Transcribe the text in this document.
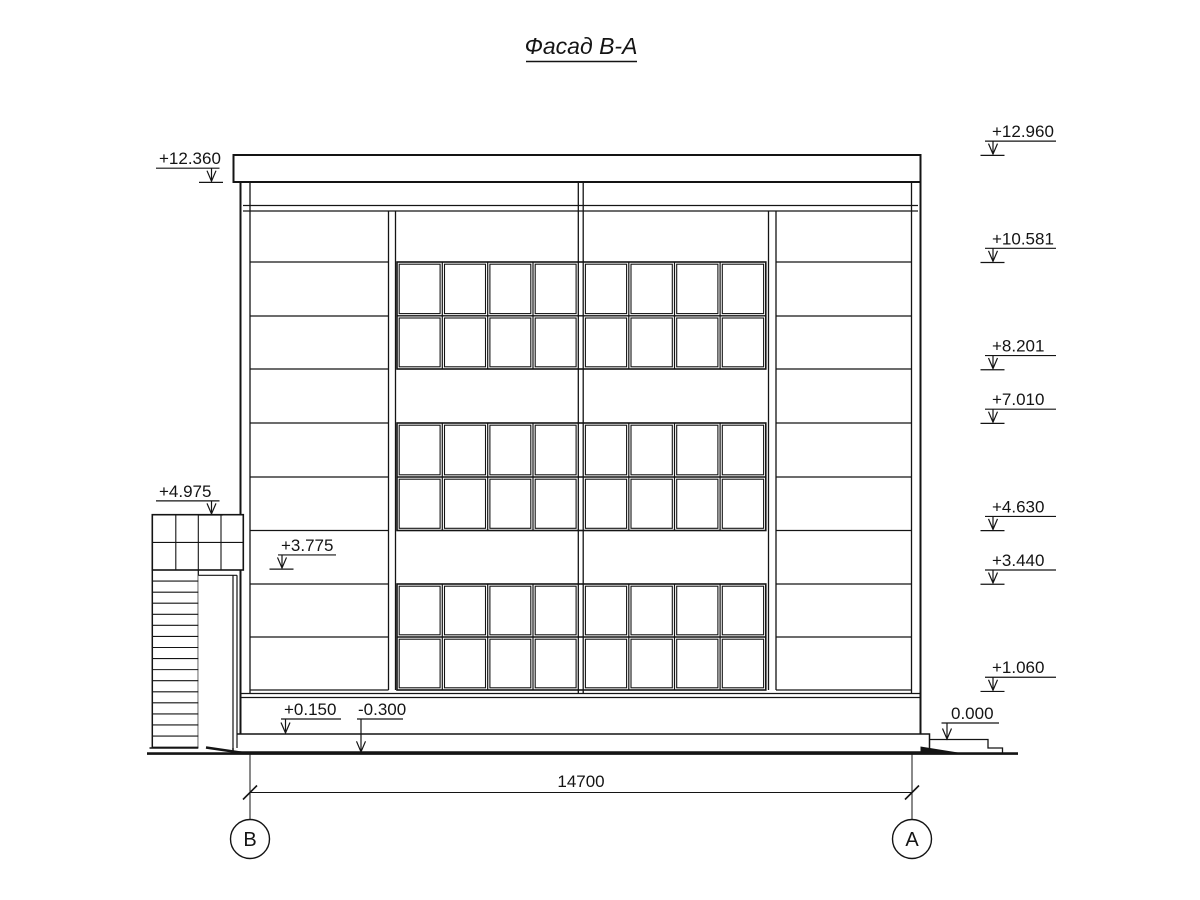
Фасад В-А
14700
В	А
+12.360
+4.975
+3.775
+0.150 -0.300
+12.960
+10.581
+8.201
+7.010
+4.630
+3.440
+1.060
0.000
